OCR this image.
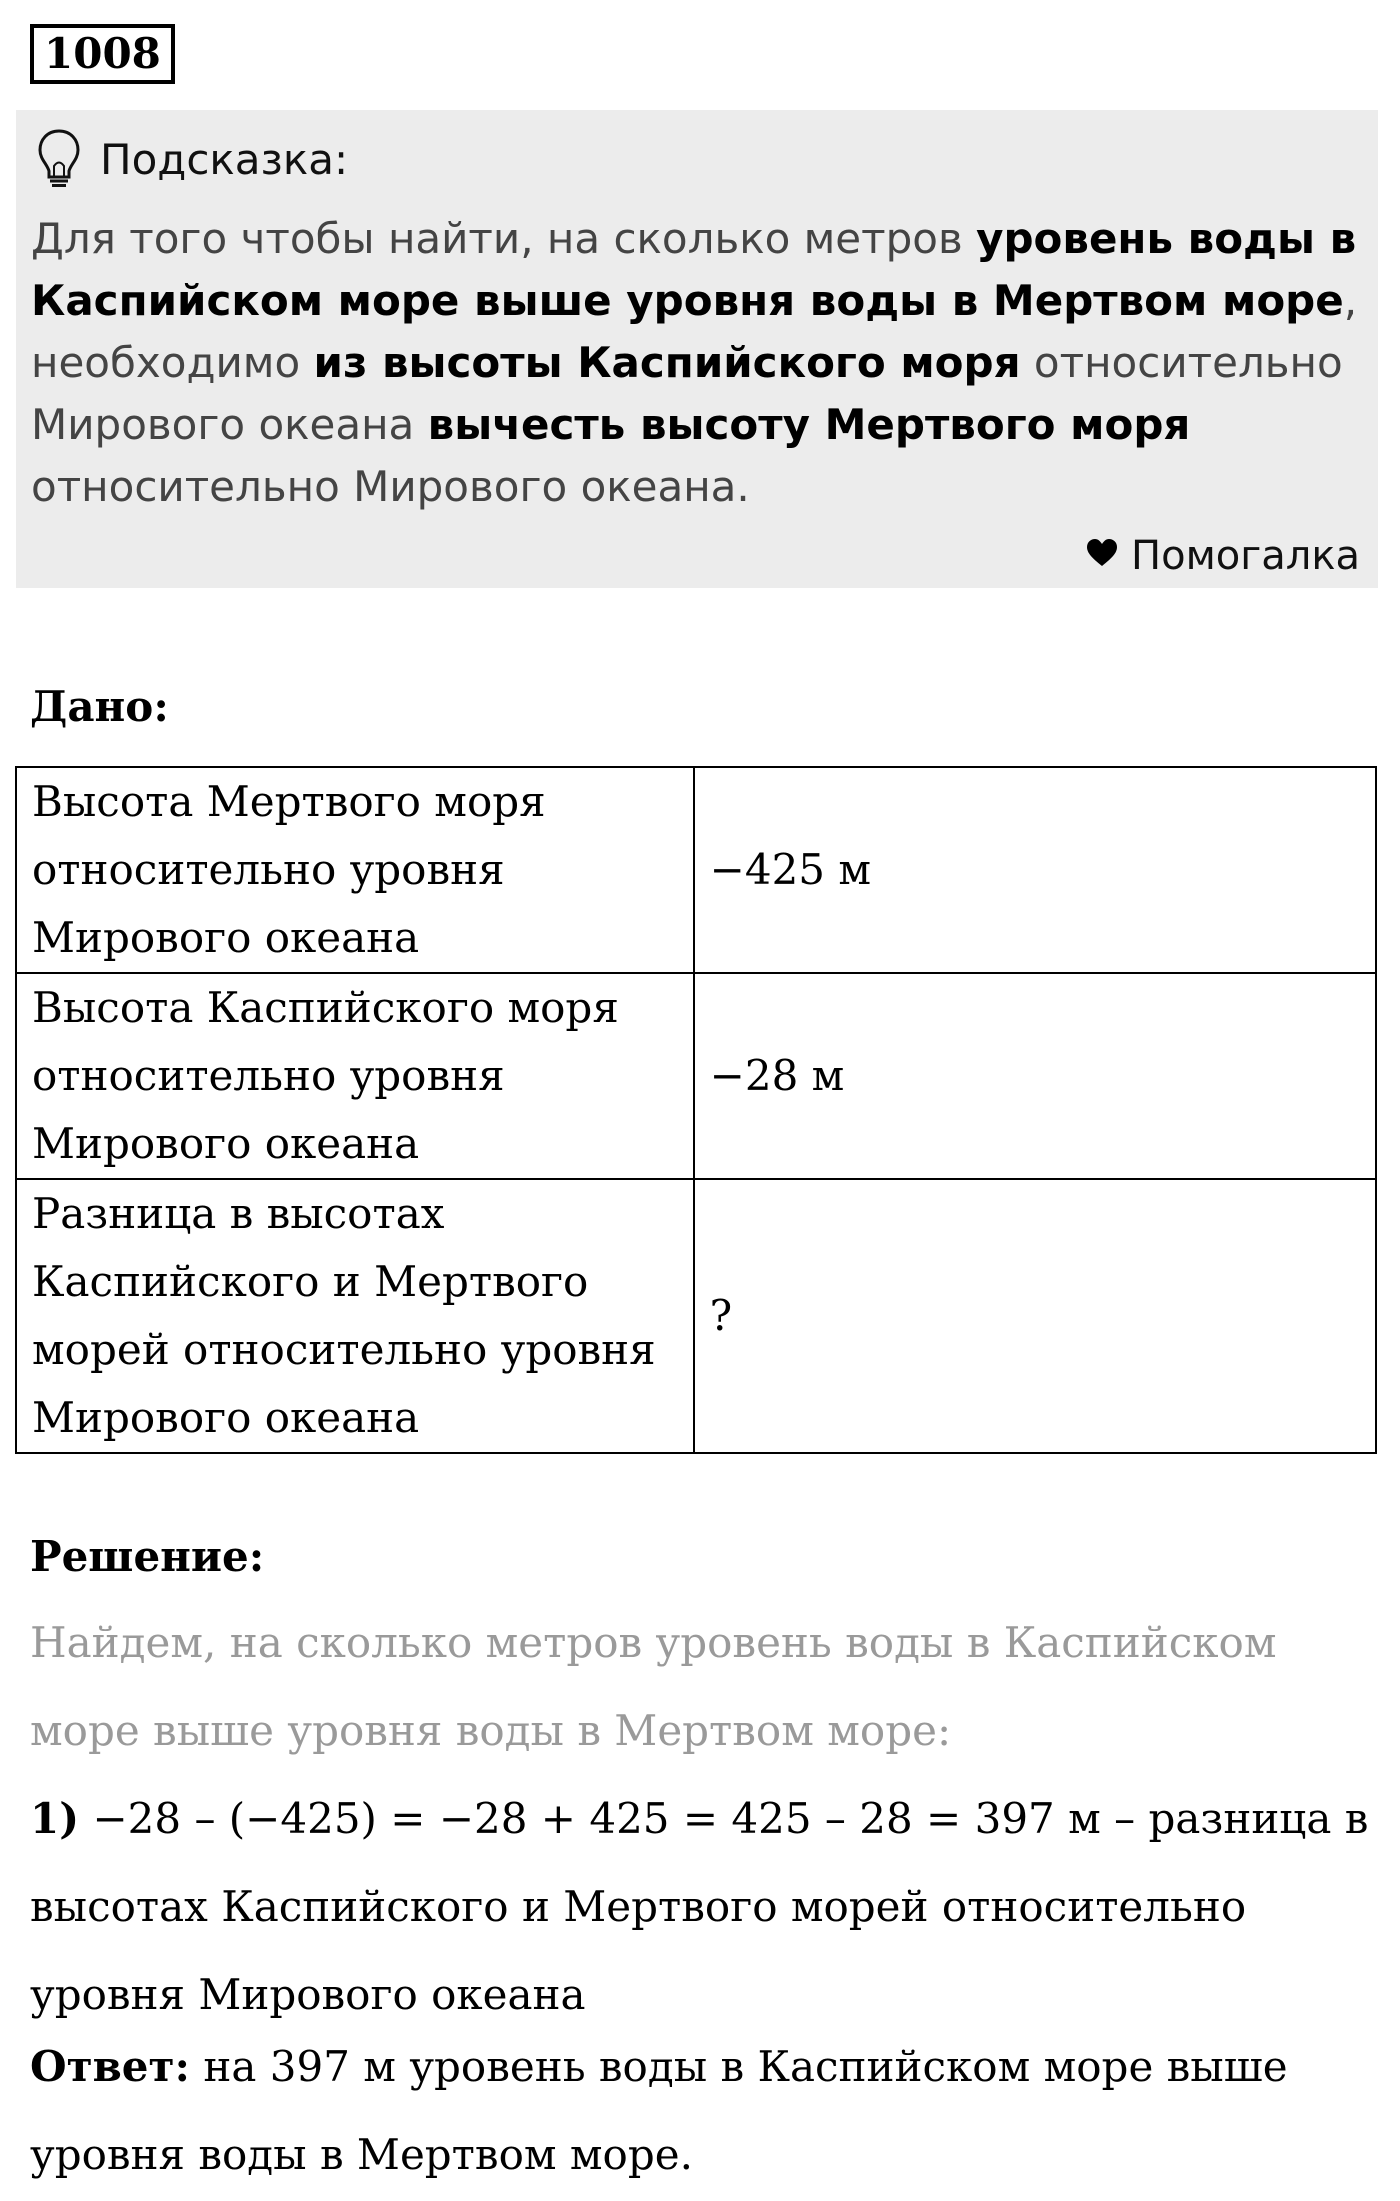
1008
Подсказка:
Для того чтобы найти, на сколько метров уровень воды в Каспийском море выше уровня воды в Мертвом море, необходимо из высоты Каспийского моря относительно Мирового океана вычесть высоту Мертвого моря относительно Мирового океана.
Помогалка
Дано:
Высота Мертвого моря относительно уровня Мирового океана	−425 м
Высота Каспийского моря относительно уровня Мирового океана	−28 м
Разница в высотах Каспийского и Мертвого морей относительно уровня Мирового океана	?
Решение:
Найдем, на сколько метров уровень воды в Каспийском
море выше уровня воды в Мертвом море:
1) −28 – (−425) = −28 + 425 = 425 – 28 = 397 м – разница в
высотах Каспийского и Мертвого морей относительно
уровня Мирового океана
Ответ: на 397 м уровень воды в Каспийском море выше
уровня воды в Мертвом море.
